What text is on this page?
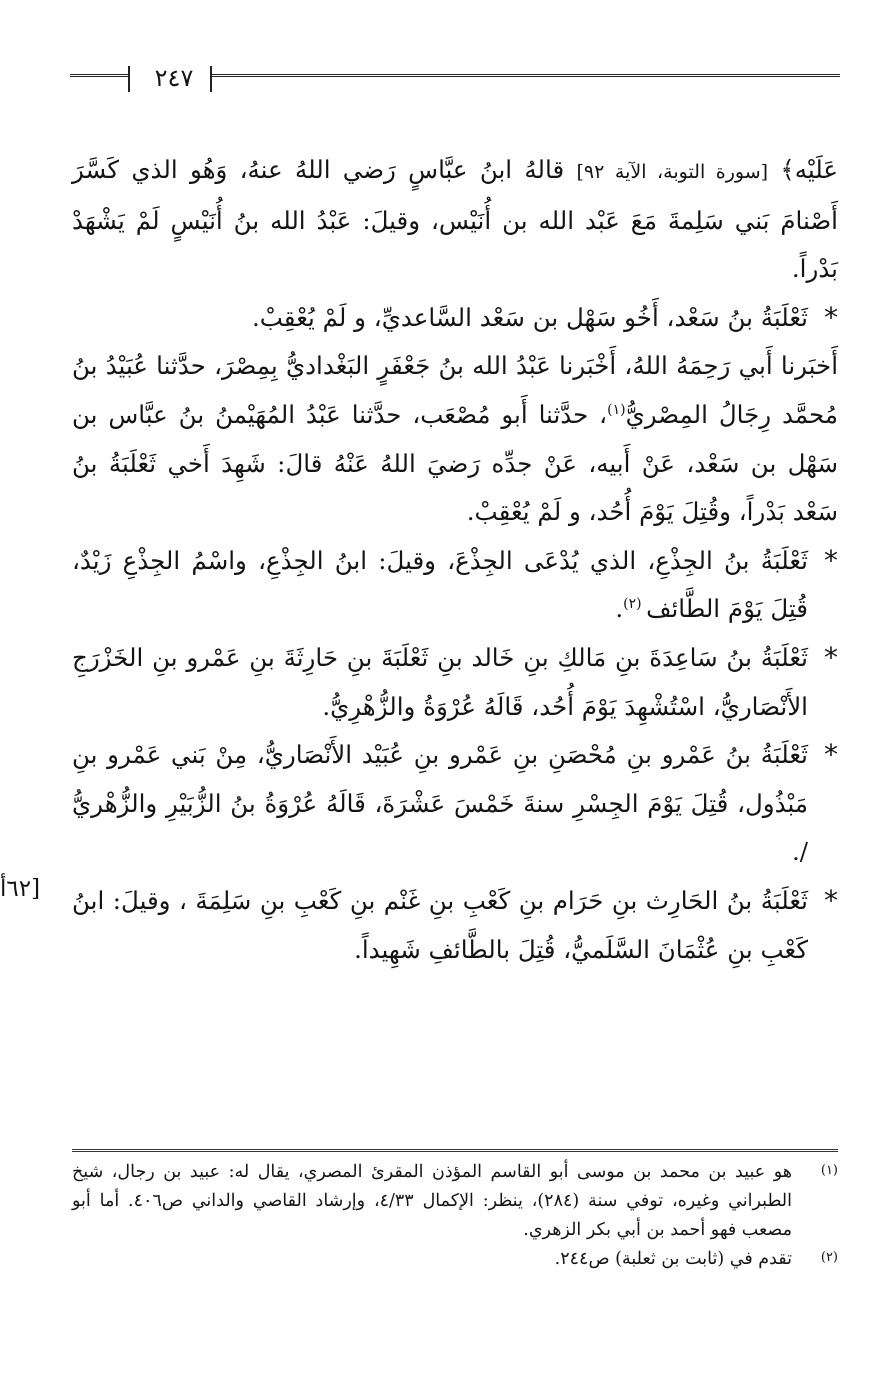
٢٤٧

عَلَيْه﴾ [سورة التوبة، الآية ٩٢] قالهُ ابنُ عبَّاسٍ رَضي اللهُ عنهُ، وَهُو الذي كَسَّرَ أَصْنامَ بَني سَلِمةَ مَعَ عَبْد الله بن أُنَيْس، وقيلَ: عَبْدُ الله بنُ أُنَيْسٍ لَمْ يَشْهَدْ بَدْراً.

*
ثَعْلَبَةُ بنُ سَعْد، أَخُو سَهْل بن سَعْد السَّاعديِّ، و لَمْ يُعْقِبْ.

أَخبَرنا أَبي رَحِمَهُ اللهُ، أَخْبَرنا عَبْدُ الله بنُ جَعْفَرٍ البَغْداديُّ بِمِصْرَ، حدَّثنا عُبَيْدُ بنُ مُحمَّد رِجَالُ المِصْريُّ$^{(١)}$، حدَّثنا أَبو مُصْعَب، حدَّثنا عَبْدُ المُهَيْمنُ بنُ عبَّاس بن سَهْل بن سَعْد، عَنْ أَبيه، عَنْ جدِّه رَضيَ اللهُ عَنْهُ قالَ: شَهِدَ أَخي ثَعْلَبَةُ بنُ سَعْد بَدْراً، وقُتِلَ يَوْمَ أُحُد، و لَمْ يُعْقِبْ.

*
ثَعْلَبَةُ بنُ الجِذْعِ، الذي يُدْعَى الجِذْعَ، وقيلَ: ابنُ الجِذْعِ، واسْمُ الجِذْعِ زَيْدٌ، قُتِلَ يَوْمَ الطَّائف $^{(٢)}$.

*
ثَعْلَبَةُ بنُ سَاعِدَةَ بنِ مَالكِ بنِ خَالد بنِ ثَعْلَبَةَ بنِ حَارِثَةَ بنِ عَمْرو بنِ الخَزْرَجِ الأَنْصَاريُّ، اسْتُشْهِدَ يَوْمَ أُحُد، قَالَهُ عُرْوَةُ والزُّهْرِيُّ.

*
ثَعْلَبَةُ بنُ عَمْرو بنِ مُحْصَنِ بنِ عَمْرو بنِ عُبَيْد الأَنْصَاريُّ، مِنْ بَني عَمْرو بنِ مَبْذُول، قُتِلَ يَوْمَ الجِسْرِ سنةَ خَمْسَ عَشْرَةَ، قَالَهُ عُرْوَةُ بنُ الزُّبَيْرِ والزُّهْريُّ /.

*
ثَعْلَبَةُ بنُ الحَارِث بنِ حَرَام بنِ كَعْبِ بنِ غَنْم بنِ كَعْبِ بنِ سَلِمَةَ ، وقيلَ: ابنُ كَعْبِ بنِ عُثْمَانَ السَّلَميُّ، قُتِلَ بالطَّائفِ شَهِيداً.

[٦٢أ
(١)
هو عبيد بن محمد بن موسى أبو القاسم المؤذن المقرئ المصري، يقال له: عبيد بن رجال، شيخ الطبراني وغيره، توفي سنة (٢٨٤)، ينظر: الإكمال ٤/٣٣، وإرشاد القاصي والداني ص٤٠٦. أما أبو مصعب فهو أحمد بن أبي بكر الزهري.
(٢)
تقدم في (ثابت بن ثعلبة) ص٢٤٤.
